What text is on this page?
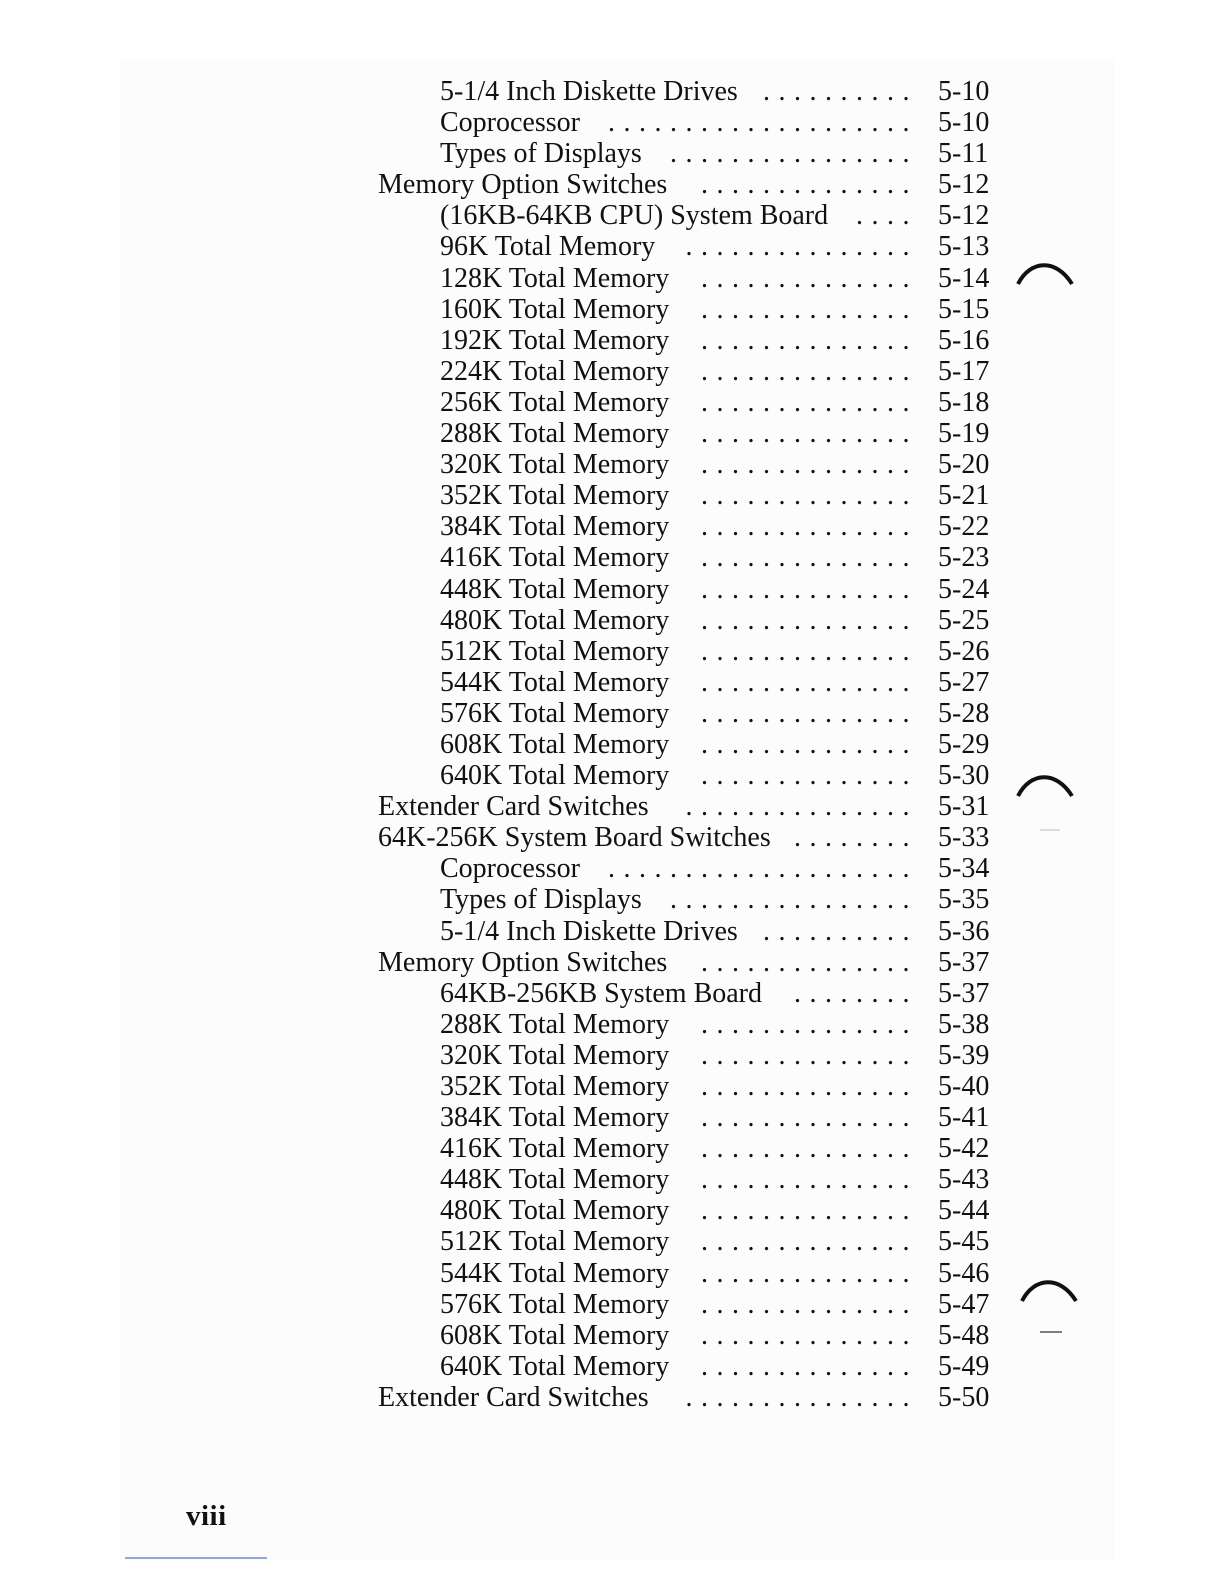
5-1/4 Inch Diskette Drives .......... 5-10
Coprocessor .................... 5-10
Types of Displays ................ 5-11
Memory Option Switches	.............. 5-12
(16KB-64KB CPU) System Board .... 5-12
96K Total Memory	............... 5-13
128K Total Memory	.............. 5-14
160K Total Memory	.............. 5-15
192K Total Memory	.............. 5-16
224K Total Memory	.............. 5-17
256K Total Memory	.............. 5-18
288K Total Memory	.............. 5-19
320K Total Memory	.............. 5-20
352K Total Memory	.............. 5-21
384K Total Memory	.............. 5-22
416K Total Memory	.............. 5-23
448K Total Memory	.............. 5-24
480K Total Memory	.............. 5-25
512K Total Memory	.............. 5-26
544K Total Memory	.............. 5-27
576K Total Memory	.............. 5-28
608K Total Memory	.............. 5-29
640K Total Memory	.............. 5-30
Extender Card Switches	............... 5-31
64K-256K System Board Switches ........ 5-33
Coprocessor .................... 5-34
Types of Displays ................ 5-35
5-1/4 Inch Diskette Drives .......... 5-36
Memory Option Switches	.............. 5-37
64KB-256KB System Board	........ 5-37
288K Total Memory	.............. 5-38
320K Total Memory	.............. 5-39
352K Total Memory	.............. 5-40
384K Total Memory	.............. 5-41
416K Total Memory	.............. 5-42
448K Total Memory	.............. 5-43
480K Total Memory	.............. 5-44
512K Total Memory	.............. 5-45
544K Total Memory	.............. 5-46
576K Total Memory	.............. 5-47
608K Total Memory	.............. 5-48
640K Total Memory	.............. 5-49
Extender Card Switches	............... 5-50
viii
